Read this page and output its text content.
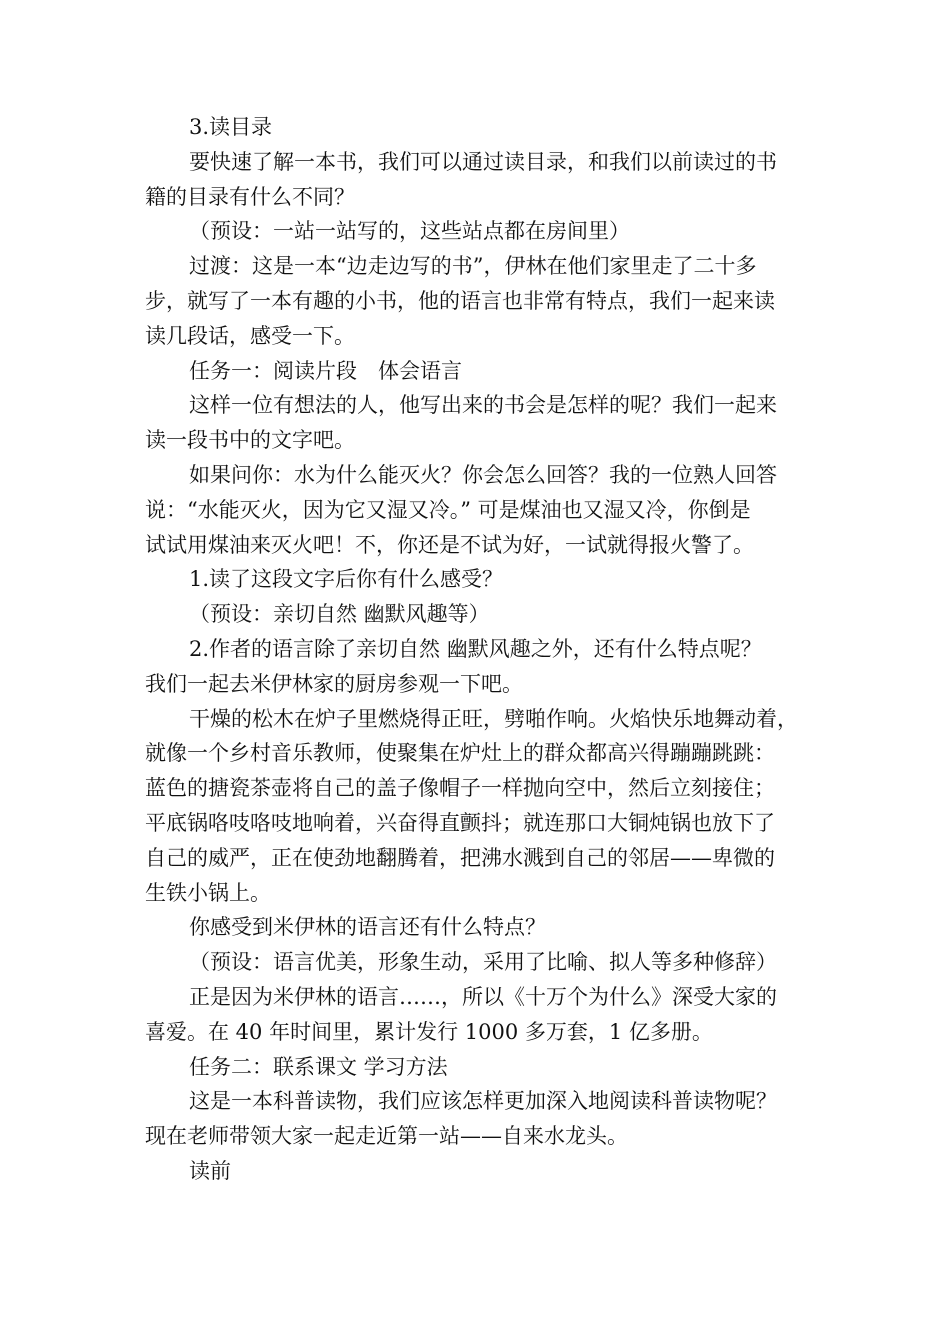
3.读目录
要快速了解一本书，我们可以通过读目录，和我们以前读过的书
籍的目录有什么不同？
（预设：一站一站写的，这些站点都在房间里）
过渡：这是一本“边走边写的书”，伊林在他们家里走了二十多
步，就写了一本有趣的小书，他的语言也非常有特点，我们一起来读
读几段话，感受一下。
任务一：阅读片段　体会语言
这样一位有想法的人，他写出来的书会是怎样的呢？我们一起来
读一段书中的文字吧。
如果问你：水为什么能灭火？你会怎么回答？我的一位熟人回答
说：“水能灭火，因为它又湿又冷。” 可是煤油也又湿又冷，你倒是
试试用煤油来灭火吧！不，你还是不试为好，一试就得报火警了。
1.读了这段文字后你有什么感受？
（预设：亲切自然 幽默风趣等）
2.作者的语言除了亲切自然 幽默风趣之外，还有什么特点呢？
我们一起去米伊林家的厨房参观一下吧。
干燥的松木在炉子里燃烧得正旺，劈啪作响。火焰快乐地舞动着，
就像一个乡村音乐教师，使聚集在炉灶上的群众都高兴得蹦蹦跳跳：
蓝色的搪瓷茶壶将自己的盖子像帽子一样抛向空中，然后立刻接住；
平底锅咯吱咯吱地响着，兴奋得直颤抖；就连那口大铜炖锅也放下了
自己的威严，正在使劲地翻腾着，把沸水溅到自己的邻居——卑微的
生铁小锅上。
你感受到米伊林的语言还有什么特点？
（预设：语言优美，形象生动，采用了比喻、拟人等多种修辞）
正是因为米伊林的语言……，所以《十万个为什么》深受大家的
喜爱。在 40 年时间里，累计发行 1000 多万套，1 亿多册。
任务二：联系课文 学习方法
这是一本科普读物，我们应该怎样更加深入地阅读科普读物呢？
现在老师带领大家一起走近第一站——自来水龙头。
读前
